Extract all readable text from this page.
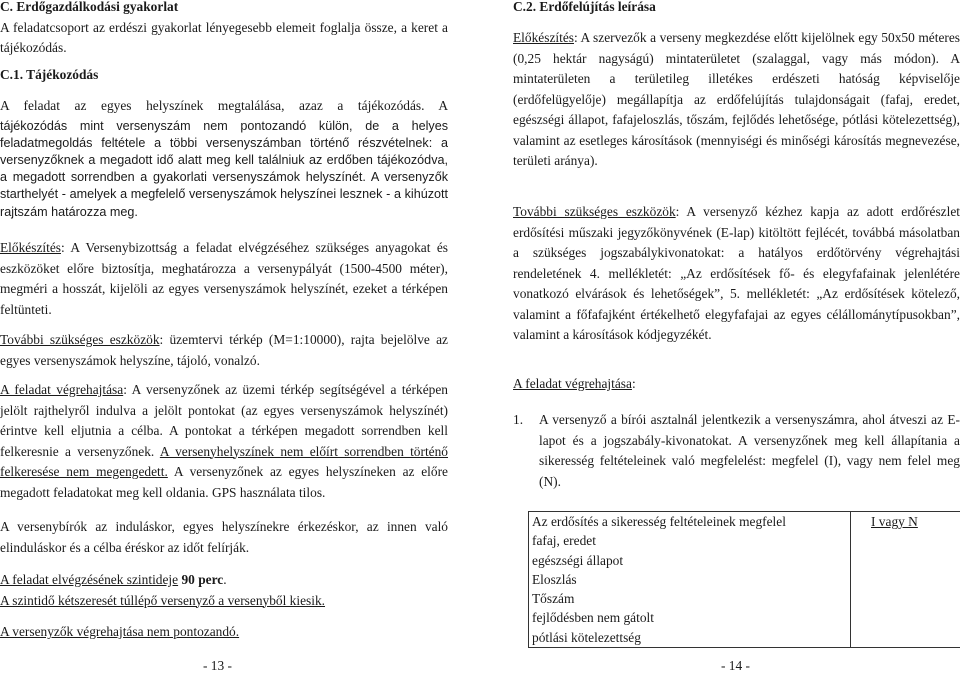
C. Erdőgazdálkodási gyakorlat
A feladatcsoport az erdészi gyakorlat lényegesebb elemeit foglalja össze, a keret a tájékozódás.
C.1. Tájékozódás
A feladat az egyes helyszínek megtalálása, azaz a tájékozódás. A
tájékozódás mint versenyszám nem pontozandó külön, de a helyes feladatmegoldás feltétele a többi versenyszámban történő részvételnek: a versenyzőknek a megadott idő alatt meg kell találniuk az erdőben tájékozódva, a megadott sorrendben a gyakorlati versenyszámok helyszínét. A versenyzők starthelyét - amelyek a megfelelő versenyszámok helyszínei lesznek - a kihúzott rajtszám határozza meg.
Előkészítés: A Versenybizottság a feladat elvégzéséhez szükséges anyagokat és eszközöket előre biztosítja, meghatározza a versenypályát (1500-4500 méter), megméri a hosszát, kijelöli az egyes versenyszámok helyszínét, ezeket a térképen feltünteti.
További szükséges eszközök: üzemtervi térkép (M=1:10000), rajta bejelölve az egyes versenyszámok helyszíne, tájoló, vonalzó.
A feladat végrehajtása: A versenyzőnek az üzemi térkép segítségével a térképen jelölt rajthelyről indulva a jelölt pontokat (az egyes versenyszámok helyszínét) érintve kell eljutnia a célba. A pontokat a térképen megadott sorrendben kell felkeresnie a versenyzőnek. A versenyhelyszínek nem előírt sorrendben történő felkeresése nem megengedett. A versenyzőnek az egyes helyszíneken az előre megadott feladatokat meg kell oldania. GPS használata tilos.
A versenybírók az induláskor, egyes helyszínekre érkezéskor, az innen való elinduláskor és a célba éréskor az időt felírják.
A feladat elvégzésének szintideje 90 perc.
A szintidő kétszeresét túllépő versenyző a versenyből kiesik.
A versenyzők végrehajtása nem pontozandó.
- 13 -
C.2. Erdőfelújítás leírása
Előkészítés: A szervezők a verseny megkezdése előtt kijelölnek egy 50x50 méteres (0,25 hektár nagyságú) mintaterületet (szalaggal, vagy más módon). A mintaterületen a területileg illetékes erdészeti hatóság képviselője (erdőfelügyelője) megállapítja az erdőfelújítás tulajdonságait (fafaj, eredet, egészségi állapot, fafajeloszlás, tőszám, fejlődés lehetősége, pótlási kötelezettség), valamint az esetleges károsítások (mennyiségi és minőségi károsítás megnevezése, területi aránya).
További szükséges eszközök: A versenyző kézhez kapja az adott erdőrészlet erdősítési műszaki jegyzőkönyvének (E-lap) kitöltött fejlécét, továbbá másolatban a szükséges jogszabálykivonatokat: a hatályos erdőtörvény végrehajtási rendeletének 4. mellékletét: „Az erdősítések fő- és elegyfafainak jelenlétére vonatkozó elvárások és lehetőségek”, 5. mellékletét: „Az erdősítések kötelező, valamint a főfafajként értékelhető elegyfafajai az egyes célállománytípusokban”, valamint a károsítások kódjegyzékét.
A feladat végrehajtása:
1. A versenyző a bírói asztalnál jelentkezik a versenyszámra, ahol átveszi az E-lapot és a jogszabály-kivonatokat. A versenyzőnek meg kell állapítania a sikeresség feltételeinek való megfelelést: megfelel (I), vagy nem felel meg (N).
Az erdősítés a sikeresség feltételeinek megfelel	I vagy N
fafaj, eredet	
egészségi állapot	
Eloszlás	
Tőszám	
fejlődésben nem gátolt	
pótlási kötelezettség	
- 14 -
